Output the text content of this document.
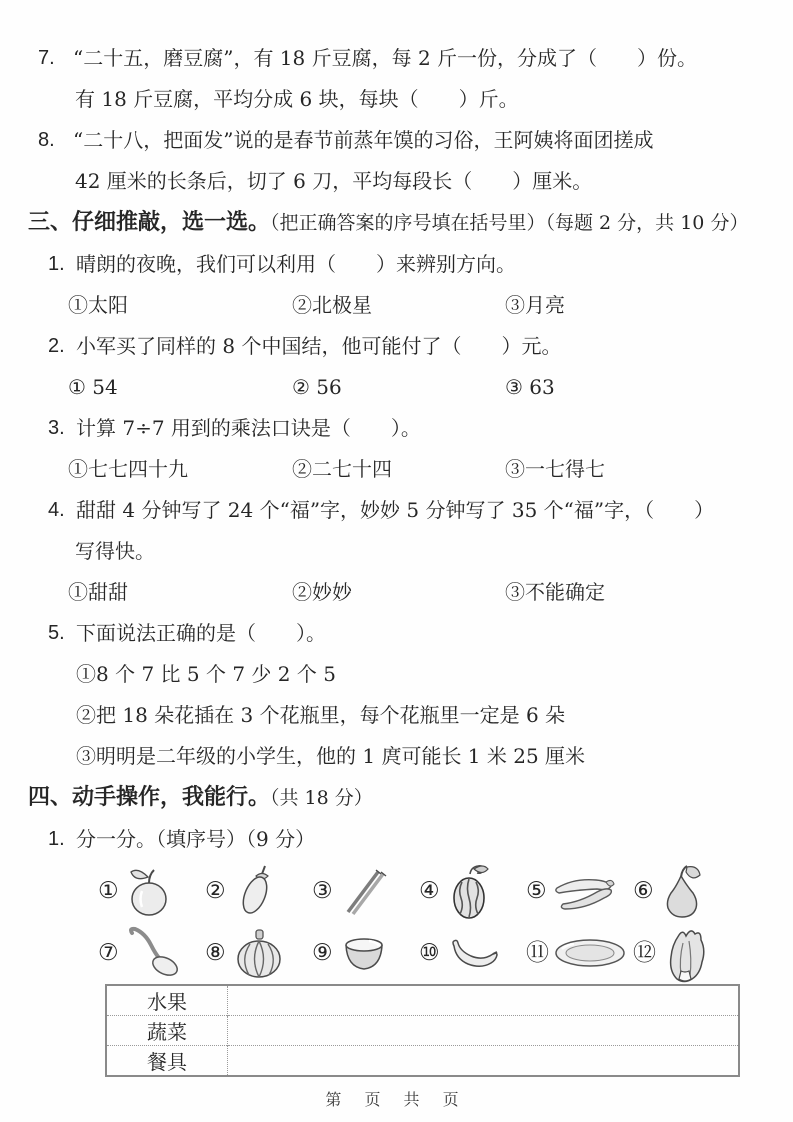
7. “二十五，磨豆腐”，有 18 斤豆腐，每 2 斤一份，分成了（　　）份。
有 18 斤豆腐，平均分成 6 块，每块（　　）斤。
8. “二十八，把面发”说的是春节前蒸年馍的习俗，王阿姨将面团搓成
42 厘米的长条后，切了 6 刀，平均每段长（　　）厘米。
三、仔细推敲，选一选。（把正确答案的序号填在括号里）（每题 2 分，共 10 分）
1. 晴朗的夜晚，我们可以利用（　　）来辨别方向。
①太阳	②北极星	③月亮
2. 小军买了同样的 8 个中国结，他可能付了（　　）元。
① 54	② 56	③ 63
3. 计算 7÷7 用到的乘法口诀是（　　）。
①七七四十九	②二七十四	③一七得七
4. 甜甜 4 分钟写了 24 个“福”字，妙妙 5 分钟写了 35 个“福”字，（　　）
写得快。
①甜甜	②妙妙	③不能确定
5. 下面说法正确的是（　　）。
①8 个 7 比 5 个 7 少 2 个 5
②把 18 朵花插在 3 个花瓶里，每个花瓶里一定是 6 朵
③明明是二年级的小学生，他的 1 庹可能长 1 米 25 厘米
四、动手操作，我能行。（共 18 分）
1. 分一分。（填序号）（9 分）
①	②	③	④	⑤	⑥
⑦	⑧	⑨	⑩	⑪	⑫
水果	
蔬菜	
餐具	
第 页 共 页
